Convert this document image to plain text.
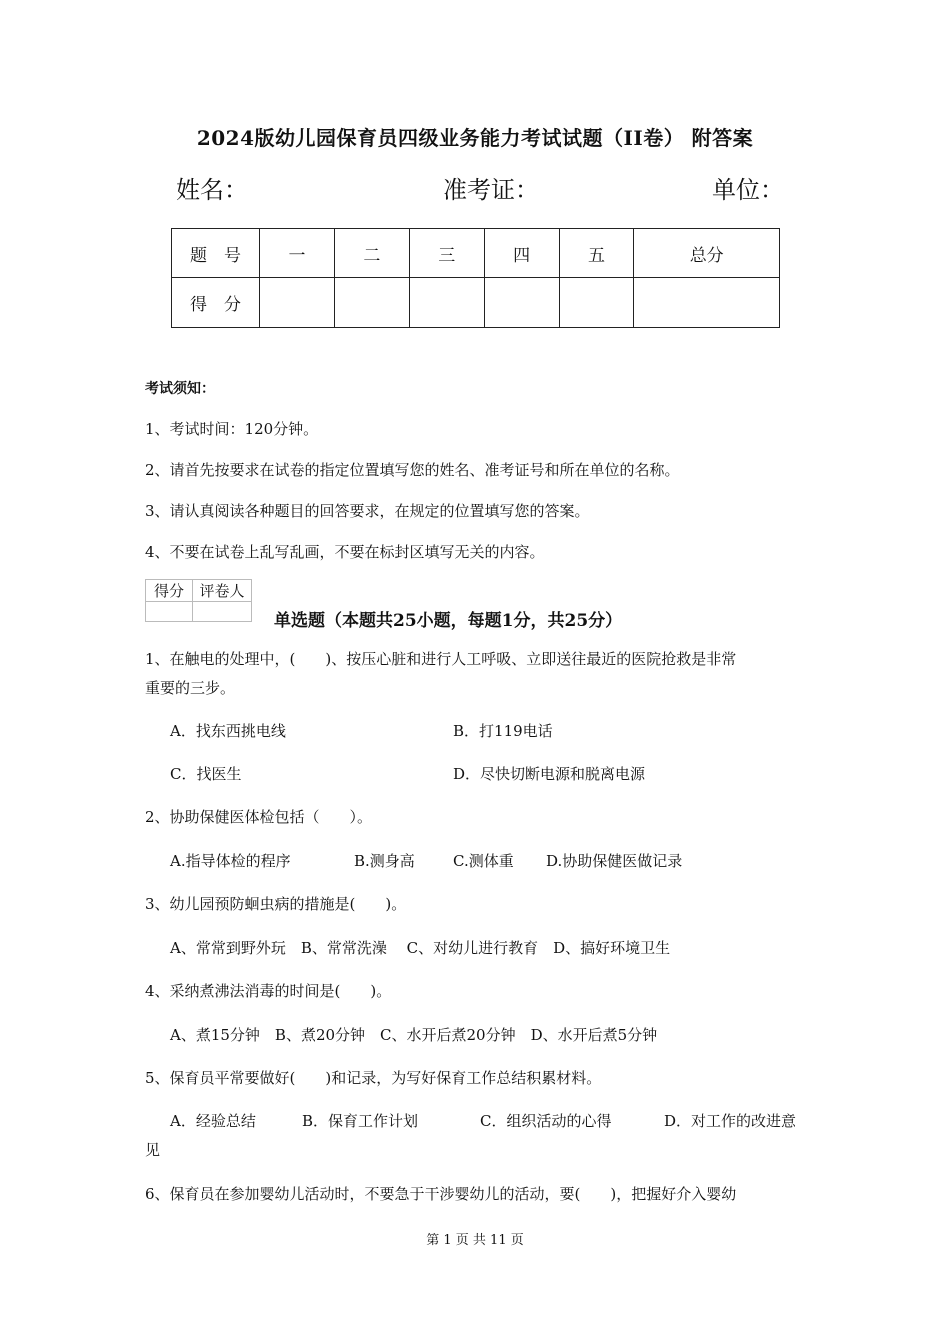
2024版幼儿园保育员四级业务能力考试试题（II卷） 附答案
姓名：	准考证：	单位：
题　号	一	二	三	四	五	总分
得　分						
考试须知：
1、考试时间：120分钟。
2、请首先按要求在试卷的指定位置填写您的姓名、准考证号和所在单位的名称。
3、请认真阅读各种题目的回答要求，在规定的位置填写您的答案。
4、不要在试卷上乱写乱画，不要在标封区填写无关的内容。
得分	评卷人

单选题（本题共25小题，每题1分，共25分）
1、在触电的处理中，(　　)、按压心脏和进行人工呼吸、立即送往最近的医院抢救是非常
重要的三步。
A．找东西挑电线	B．打119电话
C．找医生	D．尽快切断电源和脱离电源
2、协助保健医体检包括（　　）。
A.指导体检的程序	B.测身高	C.测体重 D.协助保健医做记录
3、幼儿园预防蛔虫病的措施是(　　)。
A、常常到野外玩　B、常常洗澡　 C、对幼儿进行教育　D、搞好环境卫生
4、采纳煮沸法消毒的时间是(　　)。
A、煮15分钟　B、煮20分钟　C、水开后煮20分钟　D、水开后煮5分钟
5、保育员平常要做好(　　)和记录，为写好保育工作总结积累材料。
A．经验总结	B．保育工作计划	C．组织活动的心得	D．对工作的改进意
见
6、保育员在参加婴幼儿活动时，不要急于干涉婴幼儿的活动，要(　　)，把握好介入婴幼
第 1 页 共 11 页
